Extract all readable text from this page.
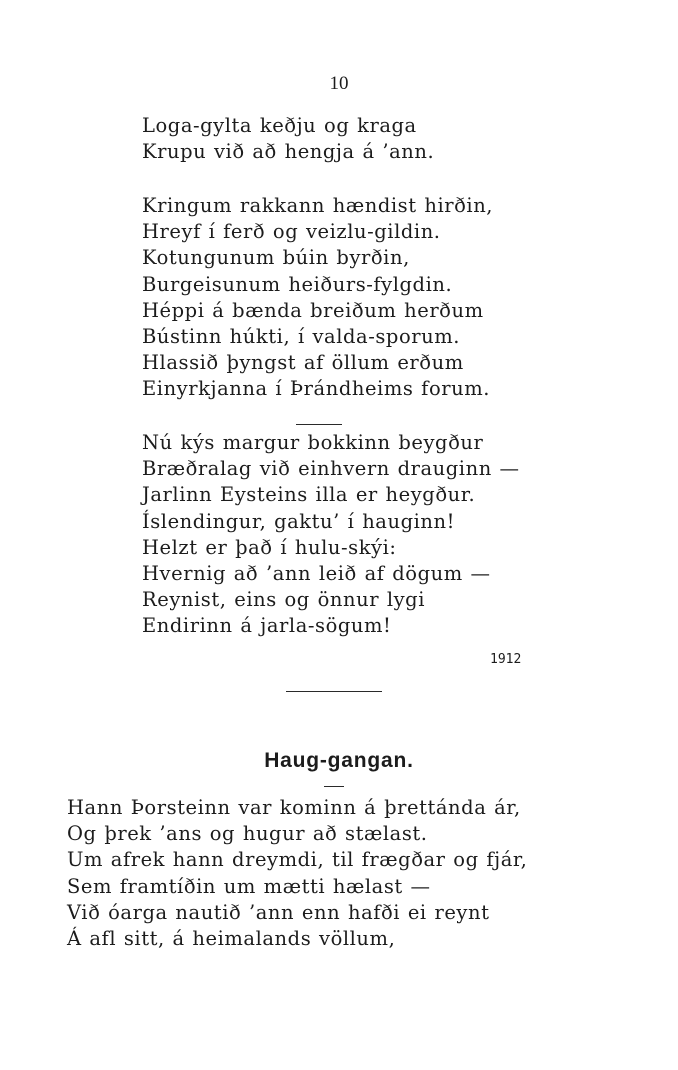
10
Loga-gylta keðju og kraga
Krupu við að hengja á ’ann.
Kringum rakkann hændist hirðin,
Hreyf í ferð og veizlu-gildin.
Kotungunum búin byrðin,
Burgeisunum heiðurs-fylgdin.
Héppi á bænda breiðum herðum
Bústinn húkti, í valda-sporum.
Hlassið þyngst af öllum erðum
Einyrkjanna í Þrándheims forum.
Nú kýs margur bokkinn beygður
Bræðralag við einhvern drauginn —
Jarlinn Eysteins illa er heygður.
Íslendingur, gaktu’ í hauginn!
Helzt er það í hulu-skýi:
Hvernig að ’ann leið af dögum —
Reynist, eins og önnur lygi
Endirinn á jarla-sögum!
1912
Haug-gangan.
Hann Þorsteinn var kominn á þrettánda ár,
Og þrek ’ans og hugur að stælast.
Um afrek hann dreymdi, til frægðar og fjár,
Sem framtíðin um mætti hælast —
Við óarga nautið ’ann enn hafði ei reynt
Á afl sitt, á heimalands völlum,
